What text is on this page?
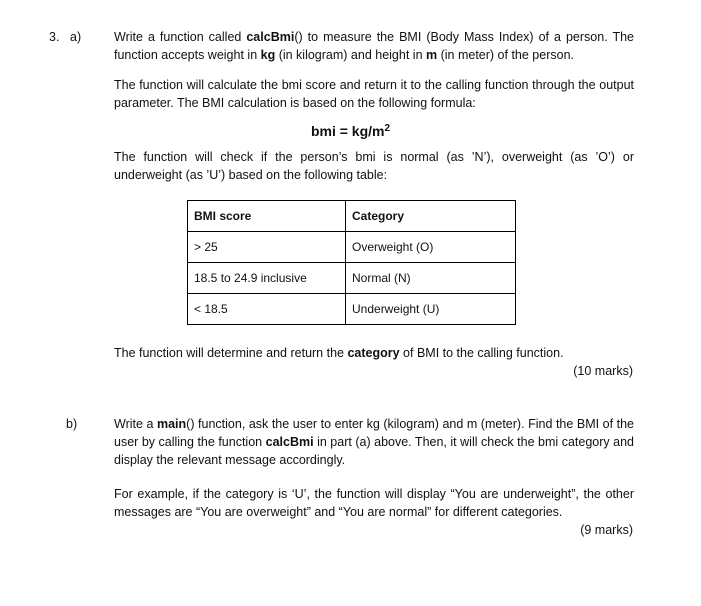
3. a)	Write a function called calcBmi() to measure the BMI (Body Mass Index) of a person. The function accepts weight in kg (in kilogram) and height in m (in meter) of the person.
The function will calculate the bmi score and return it to the calling function through the output parameter. The BMI calculation is based on the following formula:
bmi = $kg/m^2$
The function will check if the person’s bmi is normal (as ’N’), overweight (as ’O’) or underweight (as ’U’) based on the following table:
BMI score	Category
> 25	Overweight (O)
18.5 to 24.9 inclusive	Normal (N)
< 18.5	Underweight (U)
The function will determine and return the category of BMI to the calling function.
(10 marks)
b)	Write a main() function, ask the user to enter kg (kilogram) and m (meter). Find the BMI of the user by calling the function calcBmi in part (a) above. Then, it will check the bmi category and display the relevant message accordingly.
For example, if the category is ‘U’, the function will display “You are underweight”, the other messages are “You are overweight” and “You are normal” for different categories.
(9 marks)
